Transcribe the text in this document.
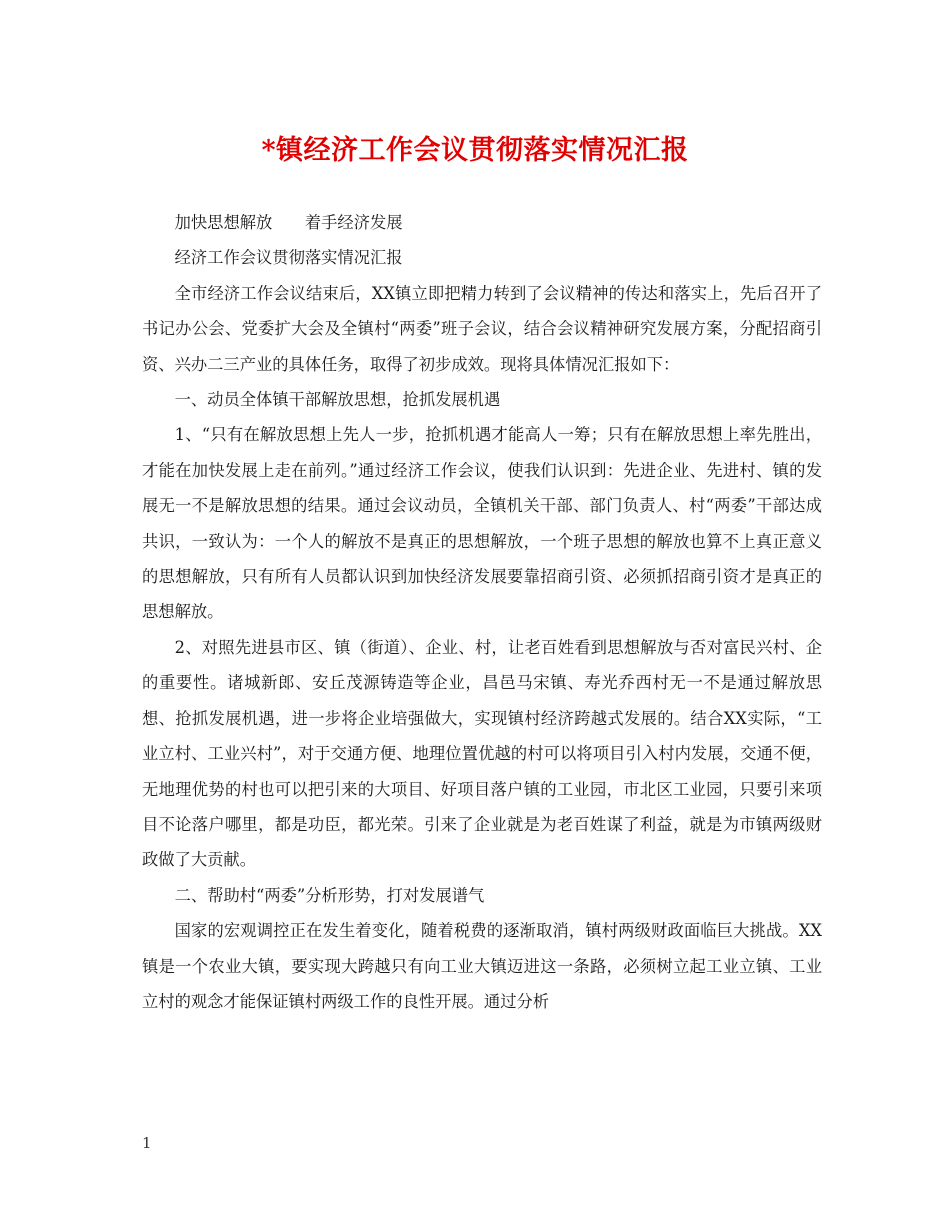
*镇经济工作会议贯彻落实情况汇报

加快思想解放　　着手经济发展

经济工作会议贯彻落实情况汇报

全市经济工作会议结束后，XX镇立即把精力转到了会议精神的传达和落实上，先后召开了书记办公会、党委扩大会及全镇村“两委”班子会议，结合会议精神研究发展方案，分配招商引资、兴办二三产业的具体任务，取得了初步成效。现将具体情况汇报如下：

一、动员全体镇干部解放思想，抢抓发展机遇

1、“只有在解放思想上先人一步，抢抓机遇才能高人一筹；只有在解放思想上率先胜出，才能在加快发展上走在前列。”通过经济工作会议，使我们认识到：先进企业、先进村、镇的发展无一不是解放思想的结果。通过会议动员，全镇机关干部、部门负责人、村“两委”干部达成共识，一致认为：一个人的解放不是真正的思想解放，一个班子思想的解放也算不上真正意义的思想解放，只有所有人员都认识到加快经济发展要靠招商引资、必须抓招商引资才是真正的思想解放。

2、对照先进县市区、镇（街道）、企业、村，让老百姓看到思想解放与否对富民兴村、企的重要性。诸城新郎、安丘茂源铸造等企业，昌邑马宋镇、寿光乔西村无一不是通过解放思想、抢抓发展机遇，进一步将企业培强做大，实现镇村经济跨越式发展的。结合XX实际，“工业立村、工业兴村”，对于交通方便、地理位置优越的村可以将项目引入村内发展，交通不便，无地理优势的村也可以把引来的大项目、好项目落户镇的工业园，市北区工业园，只要引来项目不论落户哪里，都是功臣，都光荣。引来了企业就是为老百姓谋了利益，就是为市镇两级财政做了大贡献。

二、帮助村“两委”分析形势，打对发展谱气

国家的宏观调控正在发生着变化，随着税费的逐渐取消，镇村两级财政面临巨大挑战。XX镇是一个农业大镇，要实现大跨越只有向工业大镇迈进这一条路，必须树立起工业立镇、工业立村的观念才能保证镇村两级工作的良性开展。通过分析

1
